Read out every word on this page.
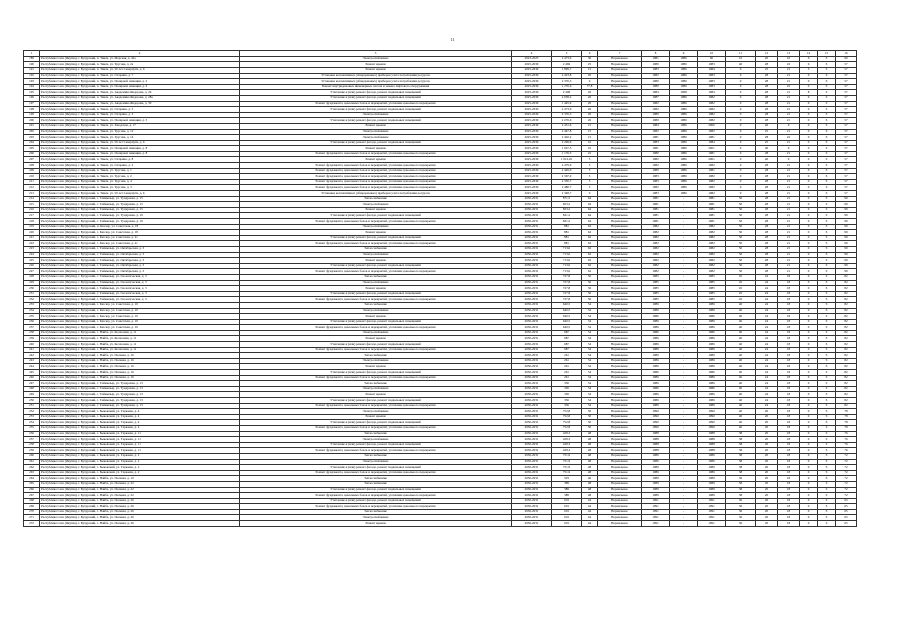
11
1	2	3	4	5	6	7	8	9	10	11	12	13	14	15	16
189	Республика Саха (Якутия), г. Бухурский, п. Тикси, ул. Морская, д. 42а	Электроснабжение	2023-2025	2 473,9	36	Нормальное	1981	1986	60	10	20	10	6	S	90
190	Республика Саха (Якутия), г. Бухурский, п. Тикси, ул. Трусова, д. 2а	Ремонт крыши	2025-2030	2 469	25	Нормальное	1980	1986	1983	40	28	22	6	S	57
191	Республика Саха (Якутия), г. Бухурский, п. Тикси, ул. 50 лет Северпути, д. 6	Ремонт крыши	2025-2030	1 809,7	15	Нормальное	1983	1986	1984	0	25	21	5	S	57
192	Республика Саха (Якутия), г. Бухурский, п. Тикси, ул. Гагарина, д. 7	Установка коллективных (общедомовых) приборов учета потребления ресурсов	2025-2030	2 423,8	20	Нормальное	1982	1986	1983	0	28	21	0	S	57
193	Республика Саха (Якутия), г. Бухурский, п. Тикси, ул. Полярной Авиации, д. 2	Установка коллективных (общедомовых) приборов учета потребления ресурсов	2025-2030	2 376,3	0	Нормальное	1980	1986	1983	0	28	21	0	S	57
194	Республика Саха (Якутия), г. Бухурский, п. Тикси, ул. Полярной Авиации, д. 6	Ремонт внутридомовых инженерных систем и замена лифтового оборудования	2025-2030	1 276,6	77,8	Нормальное	1980	1986	1983	0	28	22	0	S	57
195	Республика Саха (Якутия), г. Бухурский, п. Тикси, ул. Академика Федорова, д. 26	Утепление и (или) ремонт фасада, ремонт подвальных помещений	2025-2030	2 408	26	Нормальное	1984	1998	1984	0	28	21	8	S	57
196	Республика Саха (Якутия), г. Бухурский, п. Тикси, ул. Академика Федорова, д. 28а	Утепление и (или) ремонт фасада, ремонт подвальных помещений	2025-2030	2 658,2	26	Нормальное	1987	1986	1982	0	28	21	6	S	57
197	Республика Саха (Якутия), г. Бухурский, п. Тикси, ул. Академика Федорова, д. 30	Ремонт фундамента, цокольных балок и перекрытий, утепление цокольного перекрытия	2025-2030	1 445,9	20	Нормальное	1982	1986	1982	0	28	21	0	S	57
198	Республика Саха (Якутия), г. Бухурский, п. Тикси, ул. Гагарина, д. 5	Утепление и (или) ремонт фасада, ремонт подвальных помещений	2025-2030	2 473,9	26	Нормальное	1982	1986	1982	0	28	21	0	S	57
199	Республика Саха (Якутия), г. Бухурский, п. Тикси, ул. Гагарина, д. 3	Электроснабжение	2025-2030	2 376,3	20	Нормальное	1980	1986	1982	0	28	21	0	S	57
200	Республика Саха (Якутия), г. Бухурский, п. Тикси, ул. Полярной Авиации, д. 5	Утепление и (или) ремонт фасада, ремонт подвальных помещений	2025-2030	2 276,6	26	Нормальное	1980	1986	1982	0	28	21	0	S	57
201	Республика Саха (Якутия), г. Бухурский, п. Тикси, ул. Заводская, д. 17	Ремонт крыши	2025-2030	2 451,6	15	Нормальное	1984	1986	2006	0	40	9	0	S	57
202	Республика Саха (Якутия), г. Бухурский, п. Тикси, ул. Трусова, д. 12	Электроснабжение	2025-2030	2 447,8	15	Нормальное	1982	1986	1982	0	25	21	0	S	57
203	Республика Саха (Якутия), г. Бухурский, п. Тикси, ул. Трусова, д. 14	Электроснабжение	2025-2030	2 402,2	15	Нормальное	1981	1986	1981	0	28	22	0	S	57
204	Республика Саха (Якутия), г. Бухурский, п. Тикси, ул. 50 лет Северпути, д. 6	Утепление и (или) ремонт фасада, ремонт подвальных помещений	2025-2030	2 299,9	10	Нормальное	1983	1986	1984	0	25	21	0	S	57
205	Республика Саха (Якутия), г. Бухурский, п. Тикси, ул. Полярной Авиации, д. 8	Ремонт крыши	2025-2030	1 027,3	10	Нормальное	1981	1986	2001	0	40	9	0	S	57
206	Республика Саха (Якутия), г. Бухурский, п. Тикси, ул. Полярной Авиации, д. 8	Ремонт фундамента, цокольных балок и перекрытий, утепление цокольного перекрытия	2025-2030	1 176,3	10	Нормальное	1980	1986	1981	0	28	21	0	S	57
207	Республика Саха (Якутия), г. Бухурский, п. Тикси, ул. Гагарина, д. 8	Ремонт крыши	2025-2030	1 012,45	5	Нормальное	1982	1986	2001	0	40	9	0	S	57
208	Республика Саха (Якутия), г. Бухурский, п. Тикси, ул. Гагарина, д. 2	Ремонт фундамента, цокольных балок и перекрытий, утепление цокольного перекрытия	2025-2030	2 479,9	5	Нормальное	1982	1986	1982	0	28	21	0	S	57
209	Республика Саха (Якутия), г. Бухурский, п. Тикси, ул. Трусова, д. 1	Ремонт фундамента, цокольных балок и перекрытий, утепление цокольного перекрытия	2025-2030	2 449,9	5	Нормальное	1980	1986	1981	0	28	21	0	S	57
210	Республика Саха (Якутия), г. Бухурский, п. Тикси, ул. Трусова, д. 2	Ремонт фундамента, цокольных балок и перекрытий, утепление цокольного перекрытия	2025-2030	2 367,9	5	Нормальное	1983	1986	1982	0	28	21	0	S	57
211	Республика Саха (Якутия), г. Бухурский, п. Тикси, ул. Трусова, д. 4	Ремонт фундамента, цокольных балок и перекрытий, утепление цокольного перекрытия	2025-2030	2 350,7	5	Нормальное	1983	1986	1982	0	28	21	0	S	57
212	Республика Саха (Якутия), г. Бухурский, п. Тикси, ул. Трусова, д. 3	Ремонт фундамента, цокольных балок и перекрытий, утепление цокольного перекрытия	2025-2030	2 480,7	5	Нормальное	1982	1986	1982	0	28	21	0	S	57
213	Республика Саха (Якутия), г. Бухурский, п. Тикси, ул. 50 лет Северпути, д. 6	Установка коллективных (общедомовых) приборов учета потребления ресурсов	2025-2030	2 348,7	0	Нормальное	1983	1986	1982	0	28	21	0	S	57
214	Республика Саха (Якутия), г. Бухурский, с. Таймылыр, ул. Тундровая, д. 15	Теплоснабжение	2030-2031	871,5	64	Нормальное	1981	-	1981	50	28	21	0	S	99
215	Республика Саха (Якутия), г. Бухурский, с. Таймылыр, ул. Тундровая, д. 15	Электроснабжение	2030-2031	823,2	64	Нормальное	1981	-	1981	50	28	21	0	S	99
216	Республика Саха (Якутия), г. Бухурский, с. Таймылыр, ул. Тундровая, д. 15	Ремонт крыши	2030-2031	823,2	64	Нормальное	1981	-	1981	50	28	21	0	S	99
217	Республика Саха (Якутия), г. Бухурский, с. Таймылыр, ул. Тундровая, д. 19	Утепление и (или) ремонт фасада, ремонт подвальных помещений	2030-2031	821,2	64	Нормальное	1981	-	1981	50	28	21	0	S	99
218	Республика Саха (Якутия), г. Бухурский, с. Таймылыр, ул. Тундровая, д. 19	Ремонт фундамента, цокольных балок и перекрытий, утепление цокольного перекрытия	2030-2031	821,2	64	Нормальное	1981	-	1981	50	28	21	0	S	99
219	Республика Саха (Якутия), г. Бухурский, п. Кюсюр, ул. Советская, д. 18	Электроснабжение	2030-2031	881	62	Нормальное	1982	-	1982	50	28	21	0	S	99
220	Республика Саха (Якутия), г. Бухурский, с. Кюсюр, ул. Советская, д. 18	Ремонт крыши	2030-2031	881	62	Нормальное	1982	-	1982	50	28	21	0	S	99
221	Республика Саха (Якутия), г. Бухурский, с. Кюсюр, ул. Советская, д. 21	Утепление и (или) ремонт фасада, ремонт подвальных помещений	2030-2031	881	62	Нормальное	1982	-	1982	50	28	21	0	S	99
222	Республика Саха (Якутия), г. Бухурский, с. Кюсюр, ул. Советская, д. 21	Ремонт фундамента, цокольных балок и перекрытий, утепление цокольного перекрытия	2030-2031	881	62	Нормальное	1982	-	1982	50	28	21	0	S	99
223	Республика Саха (Якутия), г. Бухурский, с. Таймылыр, ул. Октябрьская, д. 3	Теплоснабжение	2030-2031	713,6	62	Нормальное	1982	-	1982	50	28	21	0	S	99
224	Республика Саха (Якутия), г. Бухурский, с. Таймылыр, ул. Октябрьская, д. 3	Электроснабжение	2030-2031	713,6	62	Нормальное	1982	-	1982	50	28	21	0	S	99
225	Республика Саха (Якутия), г. Бухурский, с. Таймылыр, ул. Октябрьская, д. 3	Ремонт крыши	2030-2031	713,6	62	Нормальное	1982	-	1982	50	28	21	0	S	99
226	Республика Саха (Якутия), г. Бухурский, с. Таймылыр, ул. Октябрьская, д. 3	Утепление и (или) ремонт фасада, ремонт подвальных помещений	2030-2031	713,6	62	Нормальное	1982	-	1982	50	28	21	0	S	99
227	Республика Саха (Якутия), г. Бухурский, с. Таймылыр, ул. Октябрьская, д. 3	Ремонт фундамента, цокольных балок и перекрытий, утепление цокольного перекрытия	2030-2031	713,6	62	Нормальное	1982	-	1982	50	28	21	0	S	99
228	Республика Саха (Якутия), г. Бухурский, с. Таймылыр, ул. Геологическая, д. 3	Теплоснабжение	2030-2031	727,8	56	Нормальное	1985	-	1985	45	24	18	0	S	82
229	Республика Саха (Якутия), г. Бухурский, с. Таймылыр, ул. Геологическая, д. 3	Электроснабжение	2030-2031	727,8	56	Нормальное	1985	-	1985	45	24	18	0	S	82
230	Республика Саха (Якутия), г. Бухурский, с. Таймылыр, ул. Геологическая, д. 3	Ремонт крыши	2030-2031	727,8	56	Нормальное	1985	-	1985	45	24	18	0	S	82
231	Республика Саха (Якутия), г. Бухурский, с. Таймылыр, ул. Геологическая, д. 3	Утепление и (или) ремонт фасада, ремонт подвальных помещений	2030-2031	727,8	56	Нормальное	1985	-	1985	45	24	18	0	S	82
232	Республика Саха (Якутия), г. Бухурский, с. Таймылыр, ул. Геологическая, д. 3	Ремонт фундамента, цокольных балок и перекрытий, утепление цокольного перекрытия	2030-2031	727,8	56	Нормальное	1985	-	1985	45	24	18	0	S	82
233	Республика Саха (Якутия), г. Бухурский, с. Кюсюр, ул. Советская, д. 10	Теплоснабжение	2030-2031	640,5	54	Нормальное	1986	-	1986	40	24	18	0	S	82
234	Республика Саха (Якутия), г. Бухурский, с. Кюсюр, ул. Советская, д. 10	Электроснабжение	2030-2031	640,5	54	Нормальное	1986	-	1986	40	24	18	0	S	82
235	Республика Саха (Якутия), г. Бухурский, с. Кюсюр, ул. Советская, д. 10	Ремонт крыши	2030-2031	640,5	54	Нормальное	1986	-	1986	40	24	18	0	S	82
236	Республика Саха (Якутия), г. Бухурский, с. Кюсюр, ул. Советская, д. 10	Утепление и (или) ремонт фасада, ремонт подвальных помещений	2030-2031	640,5	54	Нормальное	1986	-	1986	40	24	18	0	S	82
237	Республика Саха (Якутия), г. Бухурский, с. Кюсюр, ул. Советская, д. 10	Ремонт фундамента, цокольных балок и перекрытий, утепление цокольного перекрытия	2030-2031	640,5	54	Нормальное	1986	-	1986	40	24	18	0	S	82
238	Республика Саха (Якутия), г. Бухурский, с. Найба, ул. Колхозная, д. 11	Электроснабжение	2030-2031	687	54	Нормальное	1986	-	1986	40	24	18	0	S	82
239	Республика Саха (Якутия), г. Бухурский, с. Найба, ул. Колхозная, д. 11	Ремонт крыши	2030-2031	687	54	Нормальное	1986	-	1986	40	24	18	0	S	82
240	Республика Саха (Якутия), г. Бухурский, с. Найба, ул. Колхозная, д. 11	Утепление и (или) ремонт фасада, ремонт подвальных помещений	2030-2031	687	54	Нормальное	1986	-	1986	40	24	18	0	S	82
241	Республика Саха (Якутия), г. Бухурский, с. Найба, ул. Колхозная, д. 11	Ремонт фундамента, цокольных балок и перекрытий, утепление цокольного перекрытия	2030-2031	687	54	Нормальное	1986	-	1986	40	24	18	0	S	82
242	Республика Саха (Якутия), г. Бухурский, с. Найба, ул. Полевая, д. 16	Теплоснабжение	2030-2031	261	54	Нормальное	1986	-	1986	40	24	18	0	S	82
243	Республика Саха (Якутия), г. Бухурский, с. Найба, ул. Полевая, д. 16	Электроснабжение	2030-2031	261	54	Нормальное	1986	-	1986	40	24	18	0	S	82
244	Республика Саха (Якутия), г. Бухурский, с. Найба, ул. Полевая, д. 16	Ремонт крыши	2030-2031	261	54	Нормальное	1986	-	1986	40	24	18	0	S	82
245	Республика Саха (Якутия), г. Бухурский, с. Найба, ул. Полевая, д. 16	Утепление и (или) ремонт фасада, ремонт подвальных помещений	2030-2031	261	54	Нормальное	1986	-	1986	40	24	18	0	S	82
246	Республика Саха (Якутия), г. Бухурский, с. Найба, ул. Полевая, д. 16	Ремонт фундамента, цокольных балок и перекрытий, утепление цокольного перекрытия	2030-2031	261	54	Нормальное	1986	-	1986	40	24	18	0	S	82
247	Республика Саха (Якутия), г. Бухурский, с. Таймылыр, ул. Тундровая, д. 13	Теплоснабжение	2030-2031	336	54	Нормальное	1986	-	1986	40	24	18	0	S	82
248	Республика Саха (Якутия), г. Бухурский, с. Таймылыр, ул. Тундровая, д. 13	Электроснабжение	2030-2031	336	54	Нормальное	1986	-	1986	40	24	18	0	S	82
249	Республика Саха (Якутия), г. Бухурский, с. Таймылыр, ул. Тундровая, д. 13	Ремонт крыши	2030-2031	336	54	Нормальное	1986	-	1986	40	24	18	0	S	82
250	Республика Саха (Якутия), г. Бухурский, с. Таймылыр, ул. Тундровая, д. 13	Утепление и (или) ремонт фасада, ремонт подвальных помещений	2030-2031	336	54	Нормальное	1986	-	1986	40	24	18	0	S	82
251	Республика Саха (Якутия), г. Бухурский, с. Таймылыр, ул. Тундровая, д. 13	Ремонт фундамента, цокольных балок и перекрытий, утепление цокольного перекрытия	2030-2031	336	54	Нормальное	1986	-	1986	40	24	18	0	S	82
252	Республика Саха (Якутия), г. Бухурский, с. Быковский, ул. Таркаева, д. 4	Электроснабжение	2030-2031	752,8	50	Нормальное	1990	-	1990	40	20	18	0	S	78
253	Республика Саха (Якутия), г. Бухурский, с. Быковский, ул. Таркаева, д. 4	Ремонт крыши	2030-2031	752,8	50	Нормальное	1990	-	1990	40	20	18	0	S	78
254	Республика Саха (Якутия), г. Бухурский, с. Быковский, ул. Таркаева, д. 4	Утепление и (или) ремонт фасада, ремонт подвальных помещений	2030-2031	752,8	50	Нормальное	1990	-	1990	40	20	18	0	S	78
255	Республика Саха (Якутия), г. Бухурский, с. Быковский, ул. Таркаева, д. 4	Ремонт фундамента, цокольных балок и перекрытий, утепление цокольного перекрытия	2030-2031	752,8	50	Нормальное	1990	-	1990	40	20	18	0	S	78
256	Республика Саха (Якутия), г. Бухурский, с. Быковский, ул. Таркаева, д. 11	Теплоснабжение	2030-2031	428,3	48	Нормальное	1988	-	1988	38	20	18	0	S	76
257	Республика Саха (Якутия), г. Бухурский, с. Быковский, ул. Таркаева, д. 11	Электроснабжение	2030-2031	428,3	48	Нормальное	1988	-	1988	38	20	18	0	S	76
258	Республика Саха (Якутия), г. Бухурский, с. Быковский, ул. Таркаева, д. 11	Утепление и (или) ремонт фасада, ремонт подвальных помещений	2030-2031	428,3	48	Нормальное	1988	-	1988	38	20	18	0	S	76
259	Республика Саха (Якутия), г. Бухурский, с. Быковский, ул. Таркаева, д. 11	Ремонт фундамента, цокольных балок и перекрытий, утепление цокольного перекрытия	2030-2031	428,3	48	Нормальное	1988	-	1988	38	20	18	0	S	76
260	Республика Саха (Якутия), г. Бухурский, с. Быковский, ул. Таркаева, д. 2	Теплоснабжение	2030-2031	751,9	48	Нормальное	1986	-	1986	38	20	18	0	S	72
261	Республика Саха (Якутия), г. Бухурский, с. Быковский, ул. Таркаева, д. 2	Электроснабжение	2030-2031	751,9	48	Нормальное	1986	-	1986	38	20	18	0	S	72
262	Республика Саха (Якутия), г. Бухурский, с. Быковский, ул. Таркаева, д. 2	Утепление и (или) ремонт фасада, ремонт подвальных помещений	2030-2031	751,9	48	Нормальное	1986	-	1986	38	20	18	0	S	72
263	Республика Саха (Якутия), г. Бухурский, с. Быковский, ул. Таркаева, д. 2	Ремонт фундамента, цокольных балок и перекрытий, утепление цокольного перекрытия	2030-2031	751,9	48	Нормальное	1986	-	1986	38	20	18	0	S	72
264	Республика Саха (Якутия), г. Бухурский, с. Найба, ул. Полевая, д. 10	Теплоснабжение	2030-2031	503	46	Нормальное	1989	-	1989	36	20	18	0	S	72
265	Республика Саха (Якутия), г. Бухурский, с. Найба, ул. Полевая, д. 22	Теплоснабжение	2030-2031	389	48	Нормальное	1989	-	1989	38	20	18	0	S	72
266	Республика Саха (Якутия), г. Бухурский, с. Найба, ул. Полевая, д. 22	Утепление и (или) ремонт фасада, ремонт подвальных помещений	2030-2031	389	48	Нормальное	1989	-	1989	38	20	18	0	S	72
267	Республика Саха (Якутия), г. Бухурский, с. Найба, ул. Полевая, д. 22	Ремонт фундамента, цокольных балок и перекрытий, утепление цокольного перекрытия	2030-2031	389	48	Нормальное	1989	-	1989	38	20	18	0	S	72
268	Республика Саха (Якутия), г. Бухурский, с. Найба, ул. Полевая, д. 26	Утепление и (или) ремонт фасада, ремонт подвальных помещений	2030-2031	619	44	Нормальное	1991	-	1991	36	20	18	0	S	65
269	Республика Саха (Якутия), г. Бухурский, с. Найба, ул. Полевая, д. 26	Ремонт фундамента, цокольных балок и перекрытий, утепление цокольного перекрытия	2030-2031	619	44	Нормальное	1991	-	1991	36	20	18	0	S	65
270	Республика Саха (Якутия), г. Бухурский, с. Найба, ул. Полевая, д. 26	Теплоснабжение	2030-2031	619	44	Нормальное	1991	-	1991	36	20	18	0	S	65
271	Республика Саха (Якутия), г. Бухурский, с. Найба, ул. Полевая, д. 26	Электроснабжение	2030-2031	619	44	Нормальное	1991	-	1991	36	20	18	0	S	65
272	Республика Саха (Якутия), г. Бухурский, с. Найба, ул. Полевая, д. 26	Ремонт крыши	2030-2031	619	44	Нормальное	1991	-	1991	36	20	18	0	S	65
